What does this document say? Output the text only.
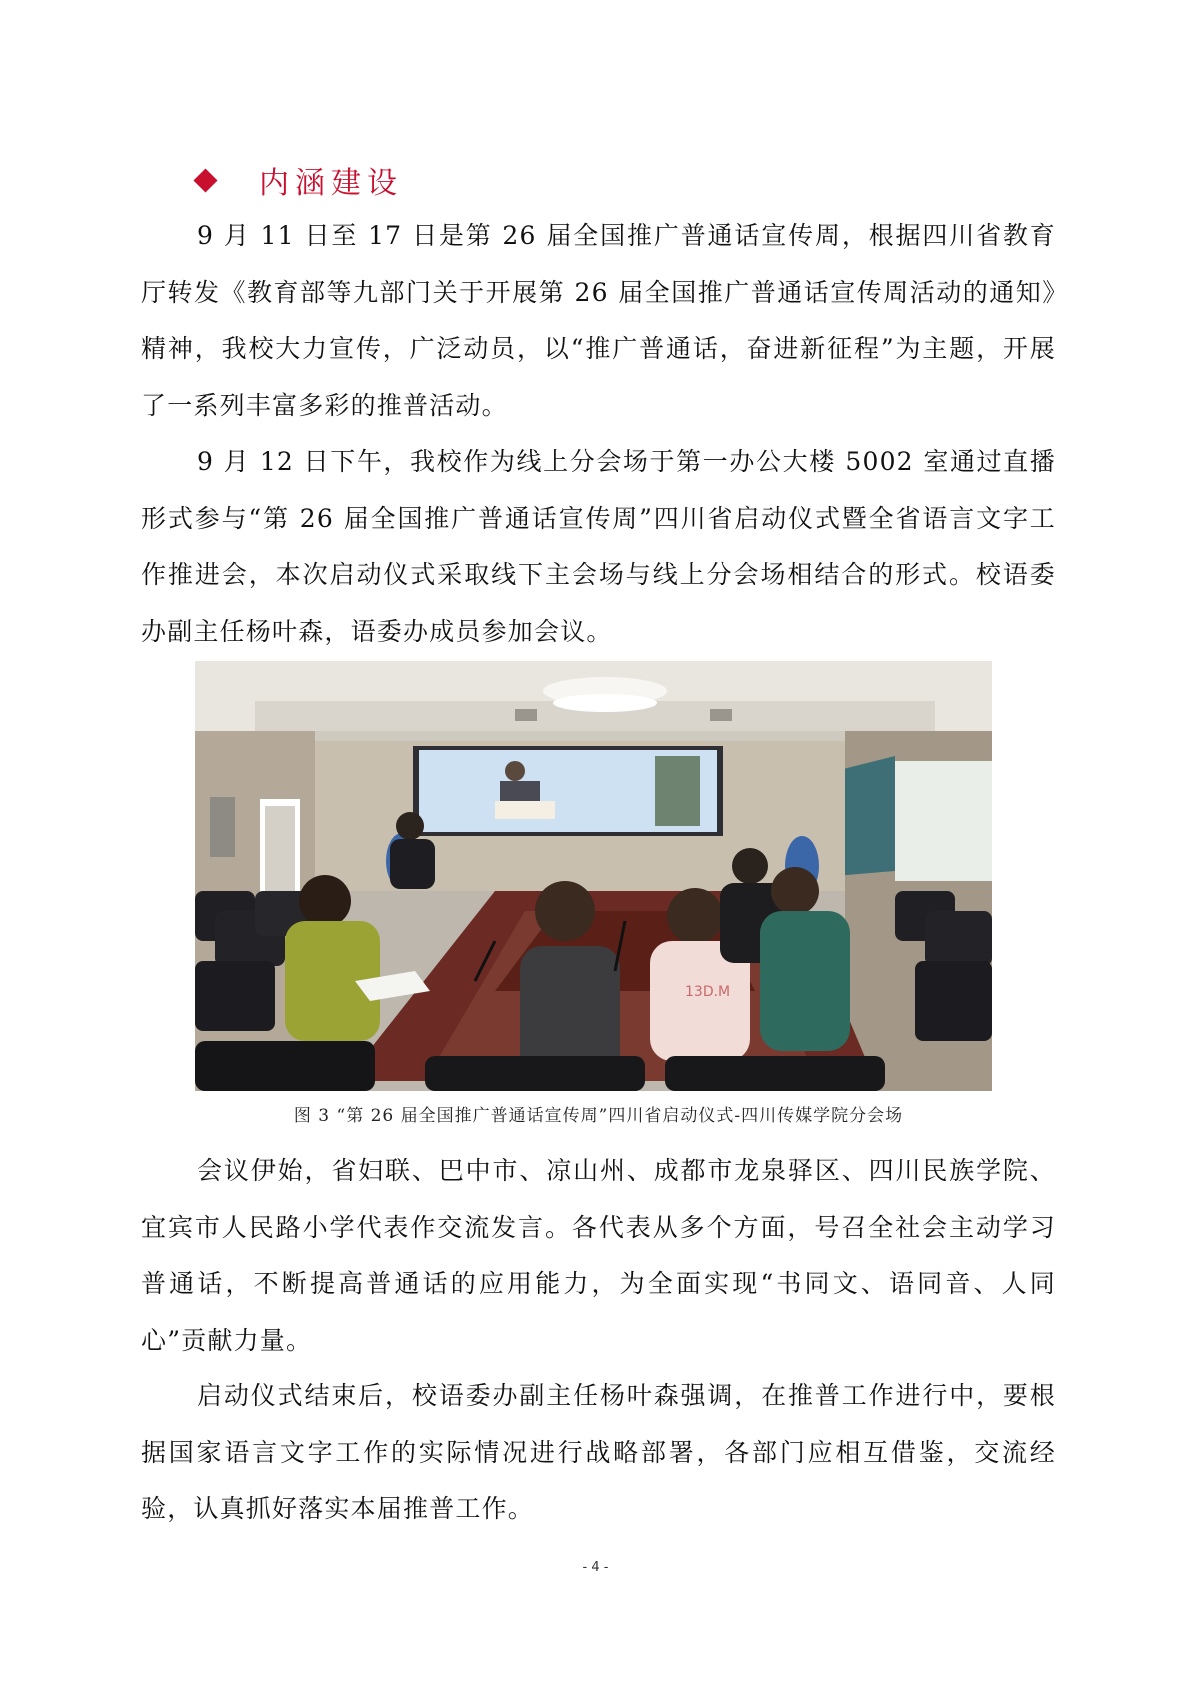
内涵建设

9 月 11 日至 17 日是第 26 届全国推广普通话宣传周，根据四川省教育厅转发《教育部等九部门关于开展第 26 届全国推广普通话宣传周活动的通知》精神，我校大力宣传，广泛动员，以“推广普通话，奋进新征程”为主题，开展了一系列丰富多彩的推普活动。

9 月 12 日下午，我校作为线上分会场于第一办公大楼 5002 室通过直播形式参与“第 26 届全国推广普通话宣传周”四川省启动仪式暨全省语言文字工作推进会，本次启动仪式采取线下主会场与线上分会场相结合的形式。校语委办副主任杨叶森，语委办成员参加会议。

13D.M
图 3 “第 26 届全国推广普通话宣传周”四川省启动仪式-四川传媒学院分会场

会议伊始，省妇联、巴中市、凉山州、成都市龙泉驿区、四川民族学院、宜宾市人民路小学代表作交流发言。各代表从多个方面，号召全社会主动学习普通话，不断提高普通话的应用能力，为全面实现“书同文、语同音、人同心”贡献力量。

启动仪式结束后，校语委办副主任杨叶森强调，在推普工作进行中，要根据国家语言文字工作的实际情况进行战略部署，各部门应相互借鉴，交流经验，认真抓好落实本届推普工作。

- 4 -
